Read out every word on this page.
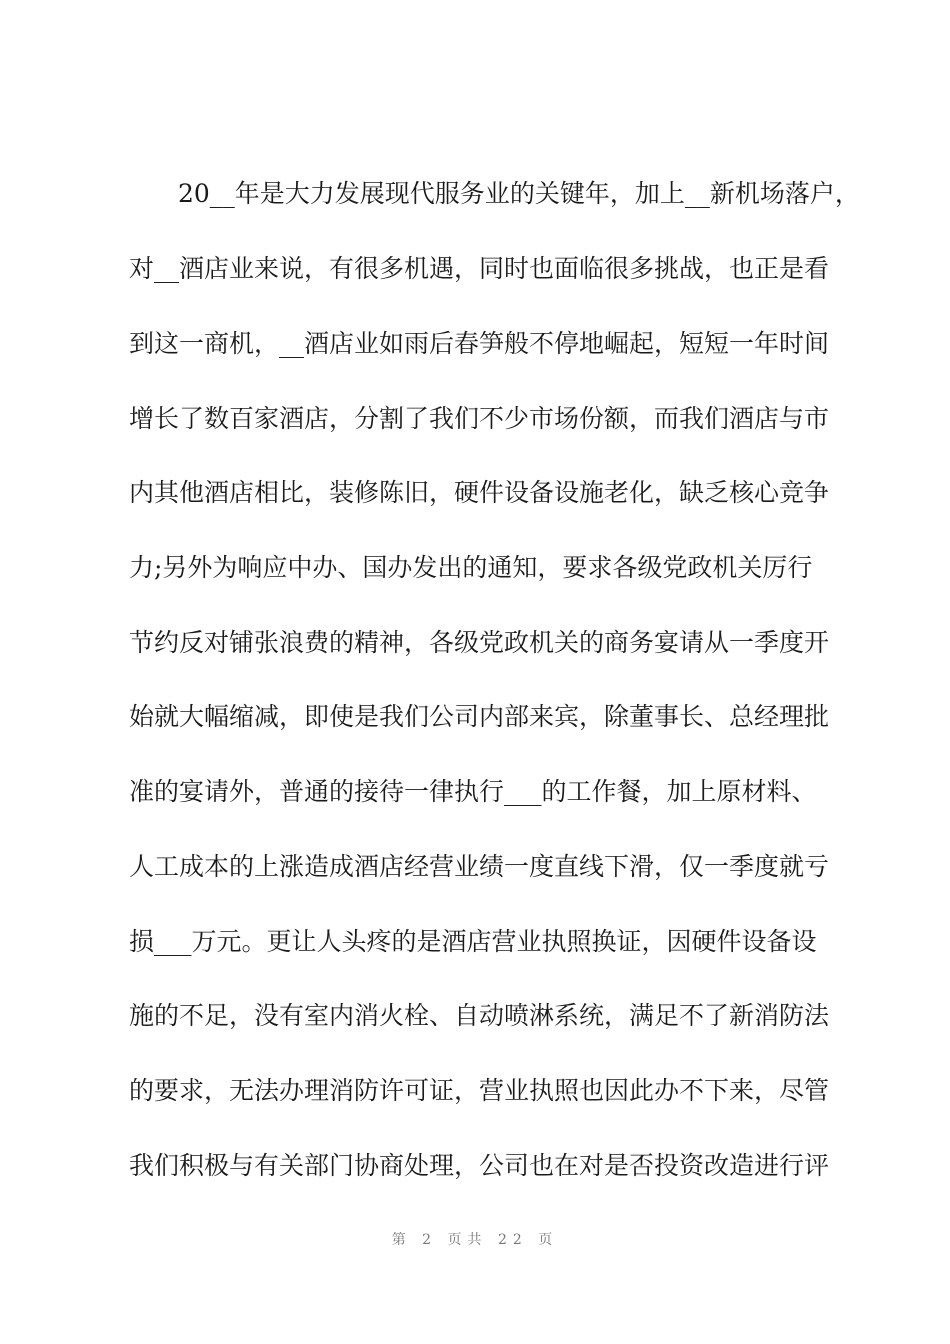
20__年是大力发展现代服务业的关键年，加上__新机场落户，
对__酒店业来说，有很多机遇，同时也面临很多挑战，也正是看
到这一商机，__酒店业如雨后春笋般不停地崛起，短短一年时间
增长了数百家酒店，分割了我们不少市场份额，而我们酒店与市
内其他酒店相比，装修陈旧，硬件设备设施老化，缺乏核心竞争
力;另外为响应中办、国办发出的通知，要求各级党政机关厉行
节约反对铺张浪费的精神，各级党政机关的商务宴请从一季度开
始就大幅缩减，即使是我们公司内部来宾，除董事长、总经理批
准的宴请外，普通的接待一律执行___的工作餐，加上原材料、
人工成本的上涨造成酒店经营业绩一度直线下滑，仅一季度就亏
损___万元。更让人头疼的是酒店营业执照换证，因硬件设备设
施的不足，没有室内消火栓、自动喷淋系统，满足不了新消防法
的要求，无法办理消防许可证，营业执照也因此办不下来，尽管
我们积极与有关部门协商处理，公司也在对是否投资改造进行评
第 2 页共 22 页
